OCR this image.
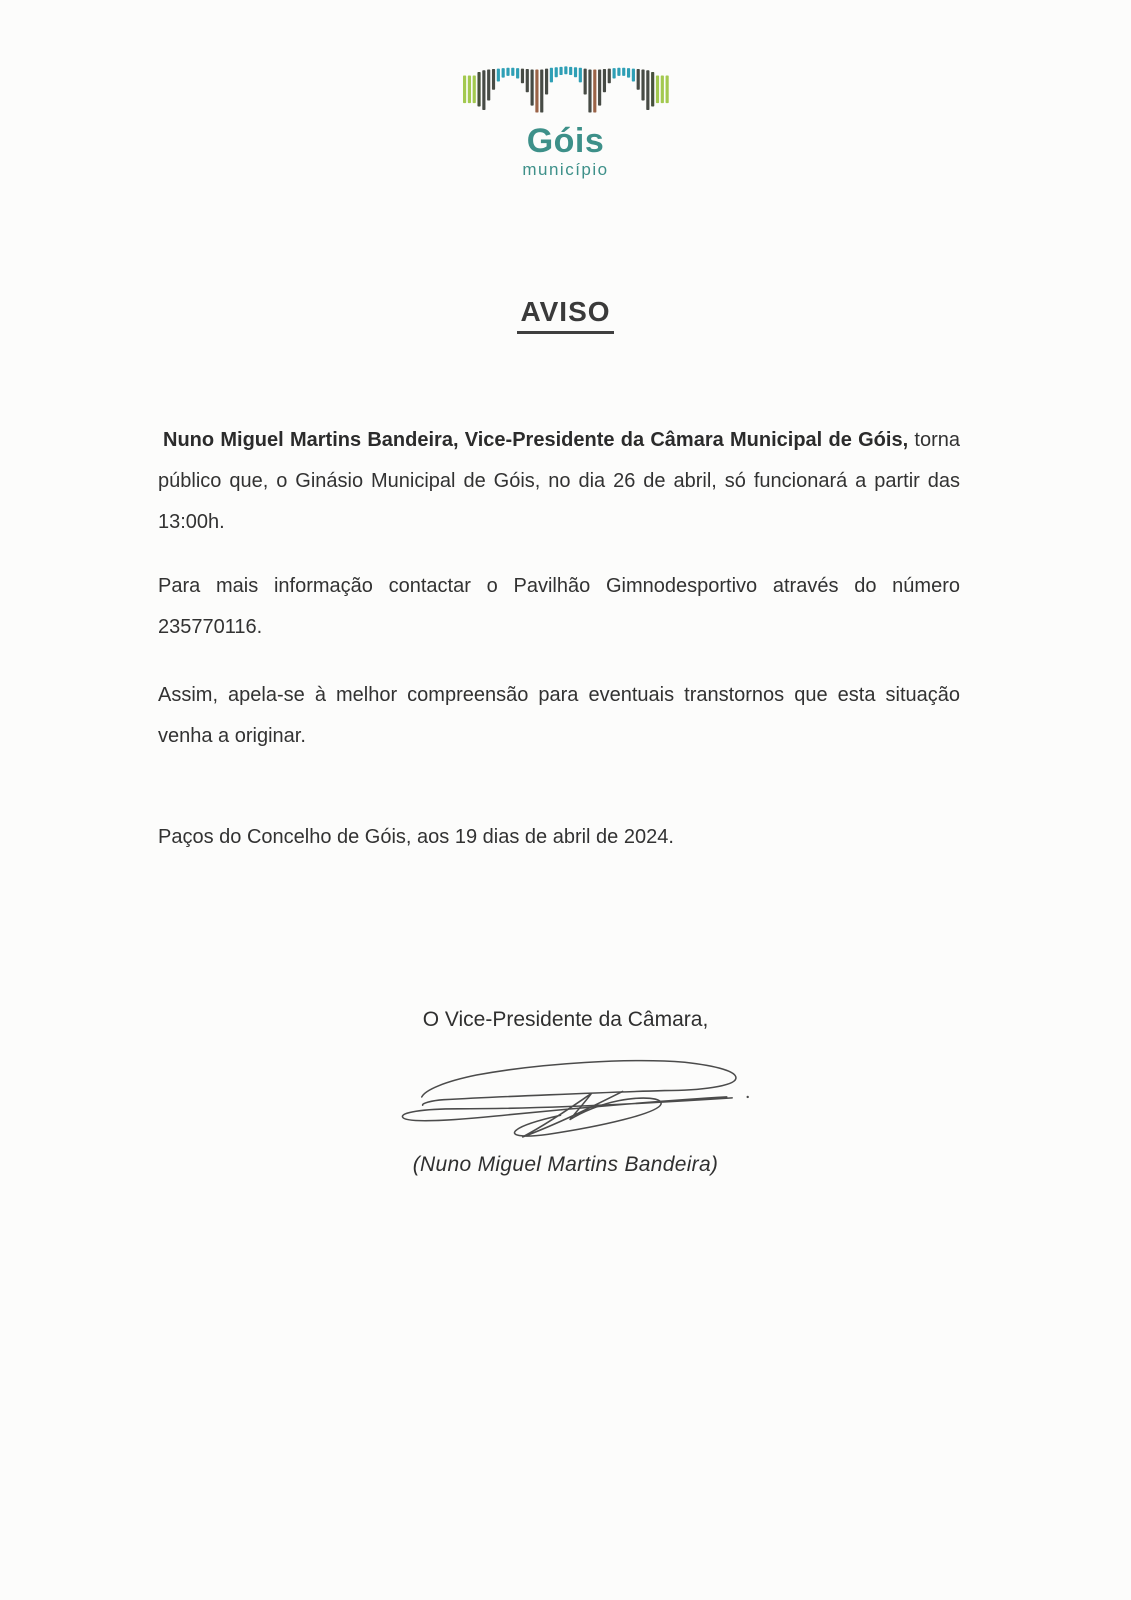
Góis
município
AVISO

Nuno Miguel Martins Bandeira, Vice-Presidente da Câmara Municipal de Góis, torna público que, o Ginásio Municipal de Góis, no dia 26 de abril, só funcionará a partir das 13:00h.

Para mais informação contactar o Pavilhão Gimnodesportivo através do número 235770116.

Assim, apela-se à melhor compreensão para eventuais transtornos que esta situação venha a originar.

Paços do Concelho de Góis, aos 19 dias de abril de 2024.

O Vice-Presidente da Câmara,
(Nuno Miguel Martins Bandeira)
